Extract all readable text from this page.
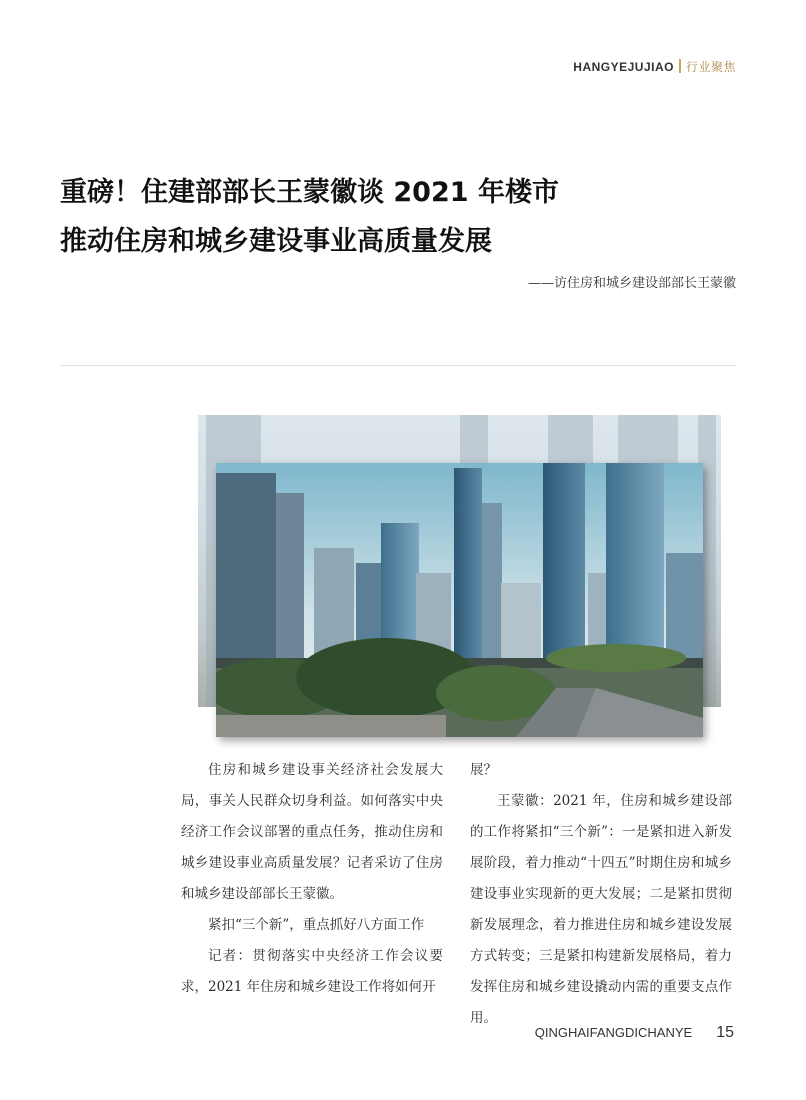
HANGYEJUJIAO 行业聚焦
重磅！住建部部长王蒙徽谈 2021 年楼市
推动住房和城乡建设事业高质量发展
——访住房和城乡建设部部长王蒙徽

住房和城乡建设事关经济社会发展大局，事关人民群众切身利益。如何落实中央经济工作会议部署的重点任务，推动住房和城乡建设事业高质量发展？记者采访了住房和城乡建设部部长王蒙徽。

紧扣“三个新”，重点抓好八方面工作

记者：贯彻落实中央经济工作会议要求，2021 年住房和城乡建设工作将如何开

展？

王蒙徽：2021 年，住房和城乡建设部的工作将紧扣“三个新”：一是紧扣进入新发展阶段，着力推动“十四五”时期住房和城乡建设事业实现新的更大发展；二是紧扣贯彻新发展理念，着力推进住房和城乡建设发展方式转变；三是紧扣构建新发展格局，着力发挥住房和城乡建设撬动内需的重要支点作用。

QINGHAIFANGDICHANYE 15
